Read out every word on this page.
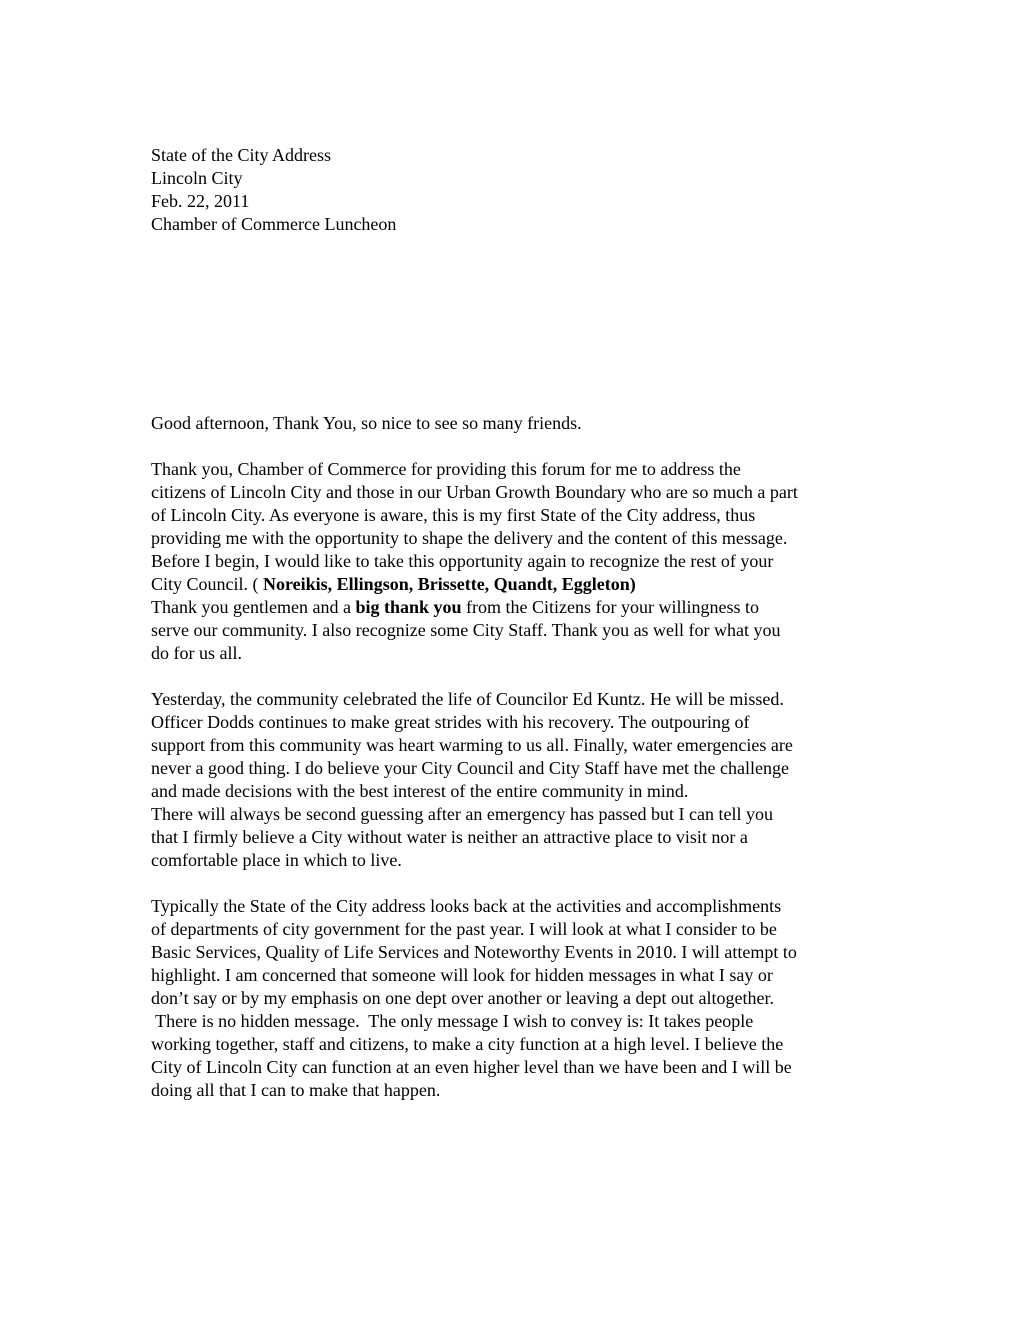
State of the City Address
Lincoln City
Feb. 22, 2011
Chamber of Commerce Luncheon
Good afternoon, Thank You, so nice to see so many friends.
Thank you, Chamber of Commerce for providing this forum for me to address the
citizens of Lincoln City and those in our Urban Growth Boundary who are so much a part
of Lincoln City. As everyone is aware, this is my first State of the City address, thus
providing me with the opportunity to shape the delivery and the content of this message.
Before I begin, I would like to take this opportunity again to recognize the rest of your
City Council. ( Noreikis, Ellingson, Brissette, Quandt, Eggleton)
Thank you gentlemen and a big thank you from the Citizens for your willingness to
serve our community. I also recognize some City Staff. Thank you as well for what you
do for us all.
Yesterday, the community celebrated the life of Councilor Ed Kuntz. He will be missed.
Officer Dodds continues to make great strides with his recovery. The outpouring of
support from this community was heart warming to us all. Finally, water emergencies are
never a good thing. I do believe your City Council and City Staff have met the challenge
and made decisions with the best interest of the entire community in mind.
There will always be second guessing after an emergency has passed but I can tell you
that I firmly believe a City without water is neither an attractive place to visit nor a
comfortable place in which to live.
Typically the State of the City address looks back at the activities and accomplishments
of departments of city government for the past year. I will look at what I consider to be
Basic Services, Quality of Life Services and Noteworthy Events in 2010. I will attempt to
highlight. I am concerned that someone will look for hidden messages in what I say or
don’t say or by my emphasis on one dept over another or leaving a dept out altogether.
There is no hidden message.  The only message I wish to convey is: It takes people
working together, staff and citizens, to make a city function at a high level. I believe the
City of Lincoln City can function at an even higher level than we have been and I will be
doing all that I can to make that happen.
